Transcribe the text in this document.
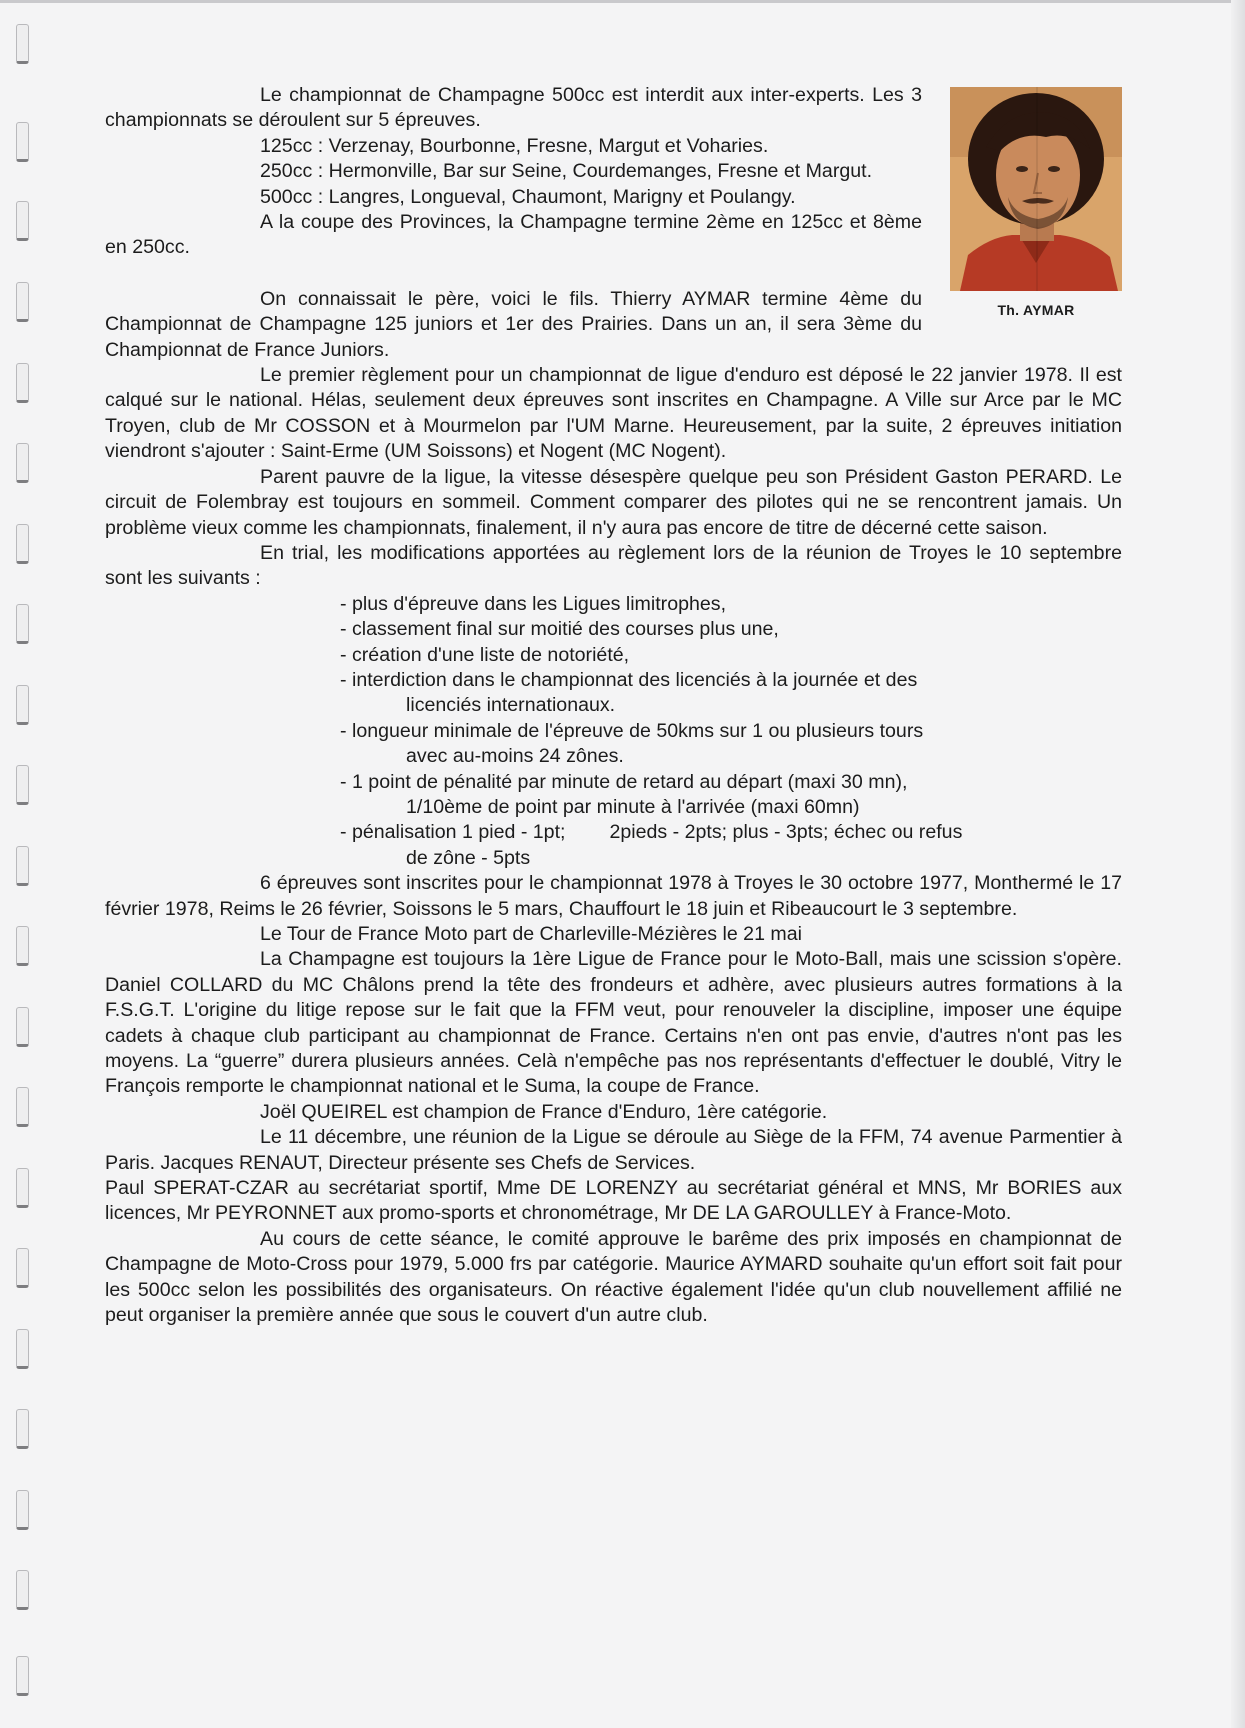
Th. AYMAR

Le championnat de Champagne 500cc est interdit aux inter-experts. Les 3 championnats se déroulent sur 5 épreuves.

125cc : Verzenay, Bourbonne, Fresne, Margut et Voharies.

250cc : Hermonville, Bar sur Seine, Courdemanges, Fresne et Margut.

500cc : Langres, Longueval, Chaumont, Marigny et Poulangy.

A la coupe des Provinces, la Champagne termine 2ème en 125cc et 8ème en 250cc.

On connaissait le père, voici le fils. Thierry AYMAR termine 4ème du Championnat de Champagne 125 juniors et 1er des Prairies. Dans un an, il sera 3ème du Championnat de France Juniors.

Le premier règlement pour un championnat de ligue d'enduro est déposé le 22 janvier 1978. Il est calqué sur le national. Hélas, seulement deux épreuves sont inscrites en Champagne. A Ville sur Arce par le MC Troyen, club de Mr COSSON et à Mourmelon par l'UM Marne. Heureusement, par la suite, 2 épreuves initiation viendront s'ajouter : Saint-Erme (UM Soissons) et Nogent (MC Nogent).

Parent pauvre de la ligue, la vitesse désespère quelque peu son Président Gaston PERARD. Le circuit de Folembray est toujours en sommeil. Comment comparer des pilotes qui ne se rencontrent jamais. Un problème vieux comme les championnats, finalement, il n'y aura pas encore de titre de décerné cette saison.

En trial, les modifications apportées au règlement lors de la réunion de Troyes le 10 septembre sont les suivants :

- plus d'épreuve dans les Ligues limitrophes,
- classement final sur moitié des courses plus une,
- création d'une liste de notoriété,
- interdiction dans le championnat des licenciés à la journée et des
licenciés internationaux.
- longueur minimale de l'épreuve de 50kms sur 1 ou plusieurs tours
avec au-moins 24 zônes.
- 1 point de pénalité par minute de retard au départ (maxi 30 mn),
1/10ème de point par minute à l'arrivée (maxi 60mn)
- pénalisation 1 pied - 1pt; 2pieds - 2pts; plus - 3pts; échec ou refus
de zône - 5pts

6 épreuves sont inscrites pour le championnat 1978 à Troyes le 30 octobre 1977, Monthermé le 17 février 1978, Reims le 26 février, Soissons le 5 mars, Chauffourt le 18 juin et Ribeaucourt le 3 septembre.

Le Tour de France Moto part de Charleville-Mézières le 21 mai

La Champagne est toujours la 1ère Ligue de France pour le Moto-Ball, mais une scission s'opère. Daniel COLLARD du MC Châlons prend la tête des frondeurs et adhère, avec plusieurs autres formations à la F.S.G.T. L'origine du litige repose sur le fait que la FFM veut, pour renouveler la discipline, imposer une équipe cadets à chaque club participant au championnat de France. Certains n'en ont pas envie, d'autres n'ont pas les moyens. La “guerre” durera plusieurs années. Celà n'empêche pas nos représentants d'effectuer le doublé, Vitry le François remporte le championnat national et le Suma, la coupe de France.

Joël QUEIREL est champion de France d'Enduro, 1ère catégorie.

Le 11 décembre, une réunion de la Ligue se déroule au Siège de la FFM, 74 avenue Parmentier à Paris. Jacques RENAUT, Directeur présente ses Chefs de Services.

Paul SPERAT-CZAR au secrétariat sportif, Mme DE LORENZY au secrétariat général et MNS, Mr BORIES aux licences, Mr PEYRONNET aux promo-sports et chronométrage, Mr DE LA GAROULLEY à France-Moto.

Au cours de cette séance, le comité approuve le barême des prix imposés en championnat de Champagne de Moto-Cross pour 1979, 5.000 frs par catégorie. Maurice AYMARD souhaite qu'un effort soit fait pour les 500cc selon les possibilités des organisateurs. On réactive également l'idée qu'un club nouvellement affilié ne peut organiser la première année que sous le couvert d'un autre club.
